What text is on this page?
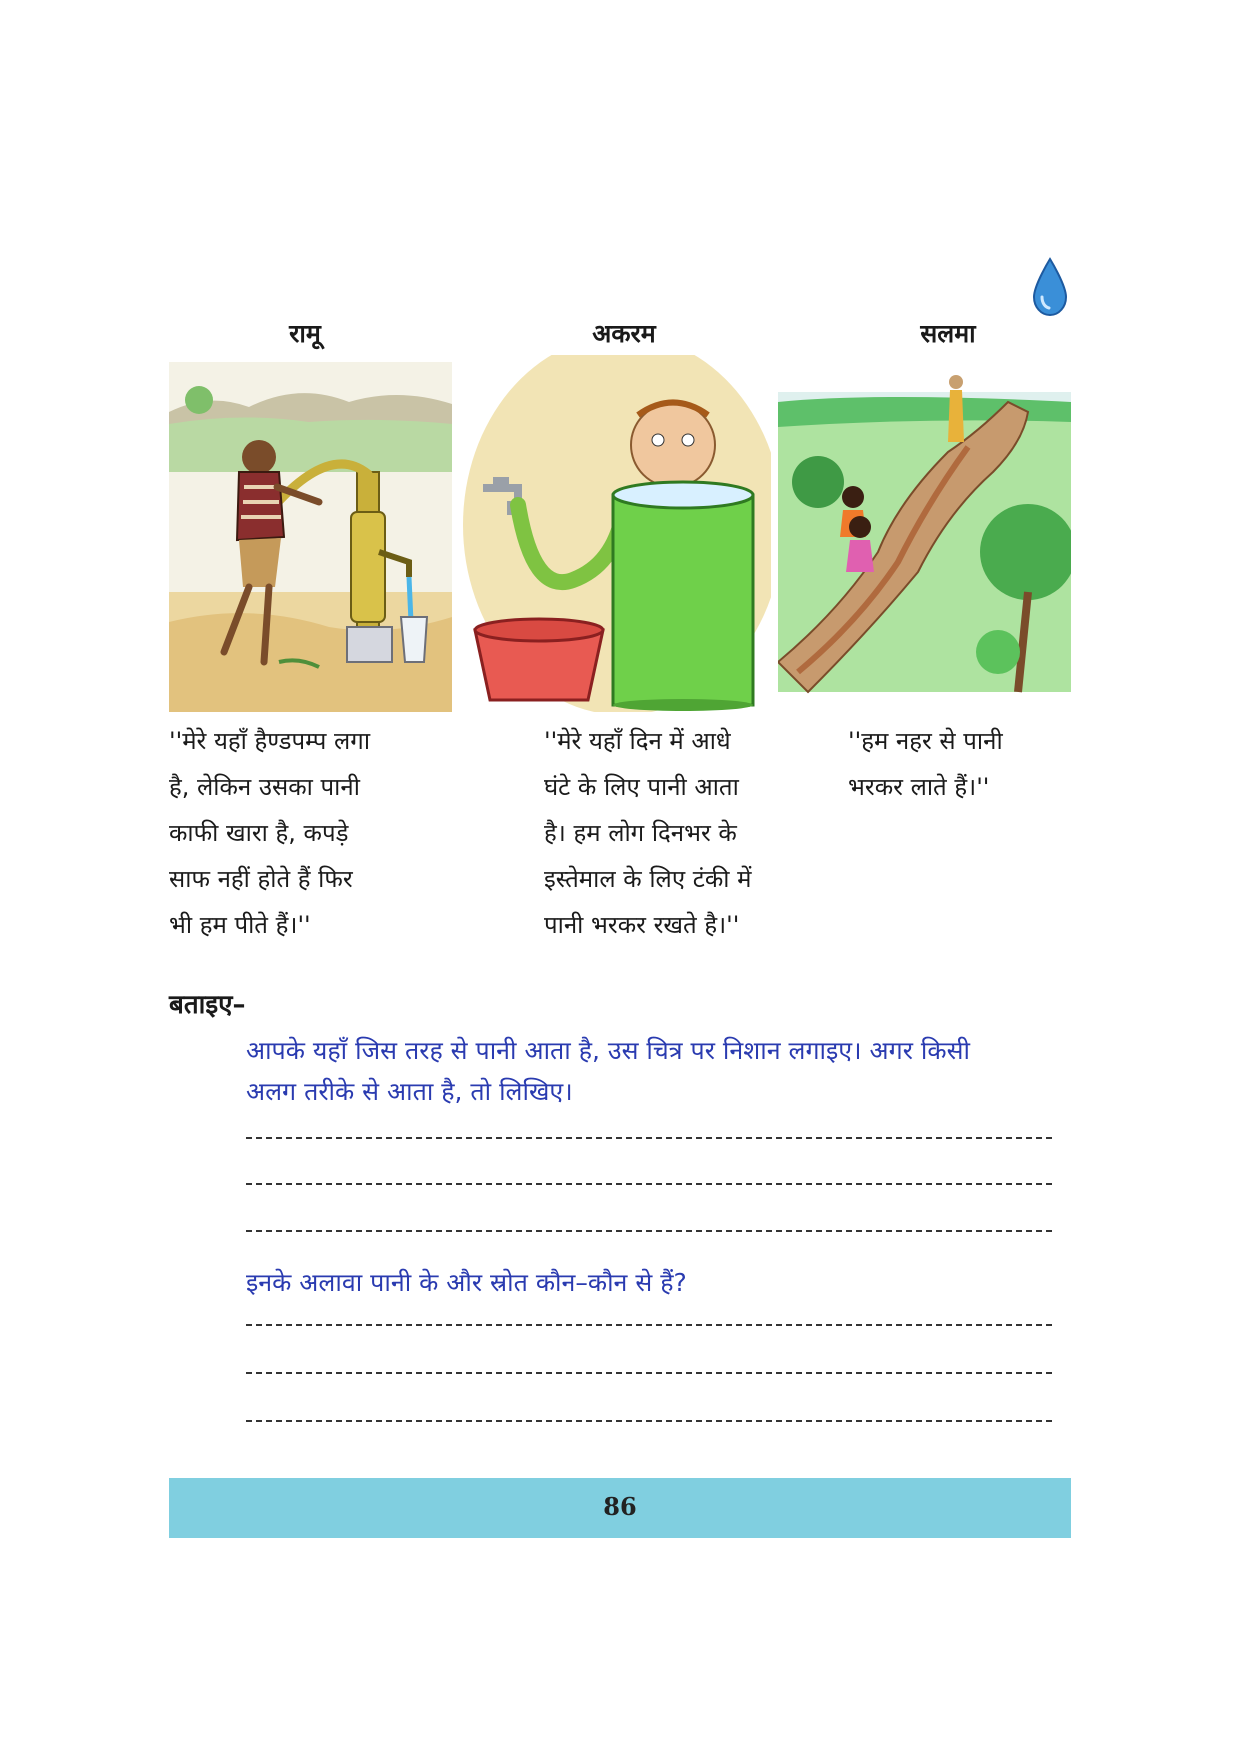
रामू	अकरम	सलमा
''मेरे यहाँ हैण्डपम्प लगा
है, लेकिन उसका पानी
काफी खारा है, कपड़े
साफ नहीं होते हैं फिर
भी हम पीते हैं।''
''मेरे यहाँ दिन में आधे
घंटे के लिए पानी आता
है। हम लोग दिनभर के
इस्तेमाल के लिए टंकी में
पानी भरकर रखते है।''
''हम नहर से पानी
भरकर लाते हैं।''
बताइए–
आपके यहाँ जिस तरह से पानी आता है, उस चित्र पर निशान लगाइए। अगर किसी
अलग तरीके से आता है, तो लिखिए।
इनके अलावा पानी के और स्रोत कौन–कौन से हैं?
86
